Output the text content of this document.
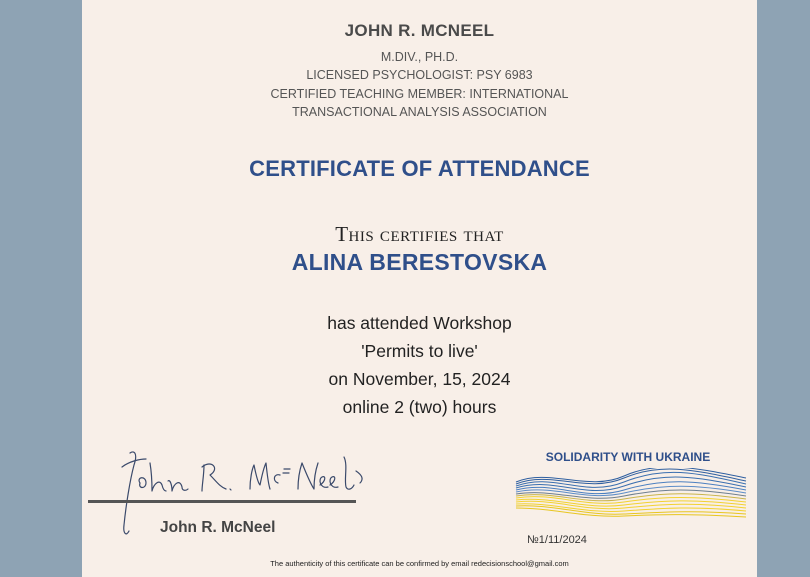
JOHN R. MCNEEL
M.DIV., PH.D.
LICENSED PSYCHOLOGIST: PSY 6983
CERTIFIED TEACHING MEMBER: INTERNATIONAL
TRANSACTIONAL ANALYSIS ASSOCIATION
CERTIFICATE OF ATTENDANCE
This certifies that
ALINA BERESTOVSKA
has attended Workshop
'Permits to live'
on November, 15, 2024
online 2 (two) hours
John R. McNeel
SOLIDARITY WITH UKRAINE
№1/11/2024
The authenticity of this certificate can be confirmed by email redecisionschool@gmail.com
